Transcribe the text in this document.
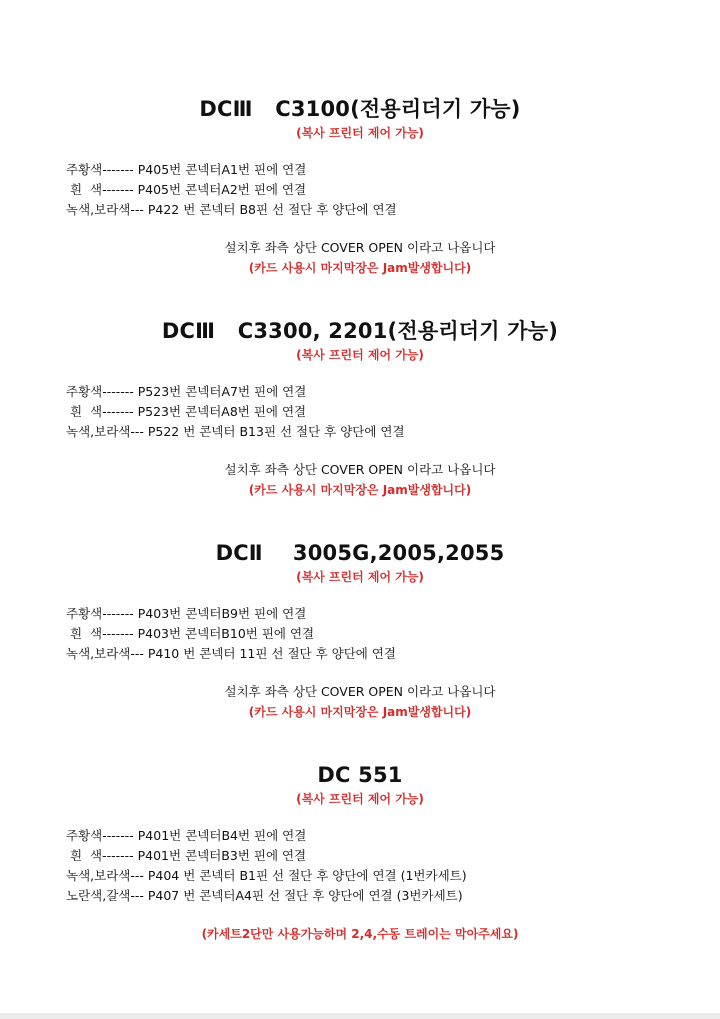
DCⅢ   C3100(전용리더기 가능)
(복사 프린터 제어 가능)
주황색------- P405번 콘넥터A1번 핀에 연결
흰  색------- P405번 콘넥터A2번 핀에 연결
녹색,보라색--- P422 번 콘넥터 B8핀 선 절단 후 양단에 연결
설치후 좌측 상단 COVER OPEN 이라고 나옵니다
(카드 사용시 마지막장은 Jam발생합니다)
DCⅢ   C3300, 2201(전용리더기 가능)
(복사 프린터 제어 가능)
주황색------- P523번 콘넥터A7번 핀에 연결
흰  색------- P523번 콘넥터A8번 핀에 연결
녹색,보라색--- P522 번 콘넥터 B13핀 선 절단 후 양단에 연결
설치후 좌측 상단 COVER OPEN 이라고 나옵니다
(카드 사용시 마지막장은 Jam발생합니다)
DCⅡ    3005G,2005,2055
(복사 프린터 제어 가능)
주황색------- P403번 콘넥터B9번 핀에 연결
흰  색------- P403번 콘넥터B10번 핀에 연결
녹색,보라색--- P410 번 콘넥터 11핀 선 절단 후 양단에 연결
설치후 좌측 상단 COVER OPEN 이라고 나옵니다
(카드 사용시 마지막장은 Jam발생합니다)
DC 551
(복사 프린터 제어 가능)
주황색------- P401번 콘넥터B4번 핀에 연결
흰  색------- P401번 콘넥터B3번 핀에 연결
녹색,보라색--- P404 번 콘넥터 B1핀 선 절단 후 양단에 연결 (1번카세트)
노란색,갈색--- P407 번 콘넥터A4핀 선 절단 후 양단에 연결 (3번카세트)
(카세트2단만 사용가능하며 2,4,수동 트레이는 막아주세요)
